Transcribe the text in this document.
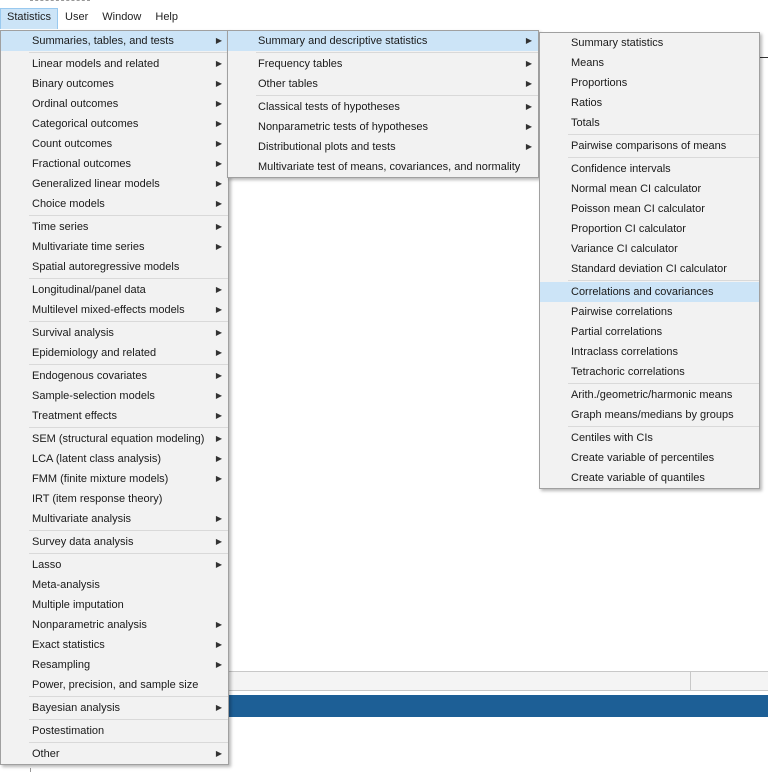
Statistics	User	Window	Help
Summaries, tables, and tests	▶
Linear models and related	▶
Binary outcomes	▶
Ordinal outcomes	▶
Categorical outcomes	▶
Count outcomes	▶
Fractional outcomes	▶
Generalized linear models	▶
Choice models	▶
Time series	▶
Multivariate time series	▶
Spatial autoregressive models
Longitudinal/panel data	▶
Multilevel mixed-effects models	▶
Survival analysis	▶
Epidemiology and related	▶
Endogenous covariates	▶
Sample-selection models	▶
Treatment effects	▶
SEM (structural equation modeling) ▶
LCA (latent class analysis)	▶
FMM (finite mixture models)	▶
IRT (item response theory)
Multivariate analysis	▶
Survey data analysis	▶
Lasso	▶
Meta-analysis
Multiple imputation
Nonparametric analysis	▶
Exact statistics	▶
Resampling	▶
Power, precision, and sample size
Bayesian analysis	▶
Postestimation
Other	▶
Summary and descriptive statistics	▶
Frequency tables	▶
Other tables	▶
Classical tests of hypotheses	▶
Nonparametric tests of hypotheses	▶
Distributional plots and tests	▶
Multivariate test of means, covariances, and normality
Summary statistics
Means
Proportions
Ratios
Totals
Pairwise comparisons of means
Confidence intervals
Normal mean CI calculator
Poisson mean CI calculator
Proportion CI calculator
Variance CI calculator
Standard deviation CI calculator
Correlations and covariances
Pairwise correlations
Partial correlations
Intraclass correlations
Tetrachoric correlations
Arith./geometric/harmonic means
Graph means/medians by groups
Centiles with CIs
Create variable of percentiles
Create variable of quantiles
